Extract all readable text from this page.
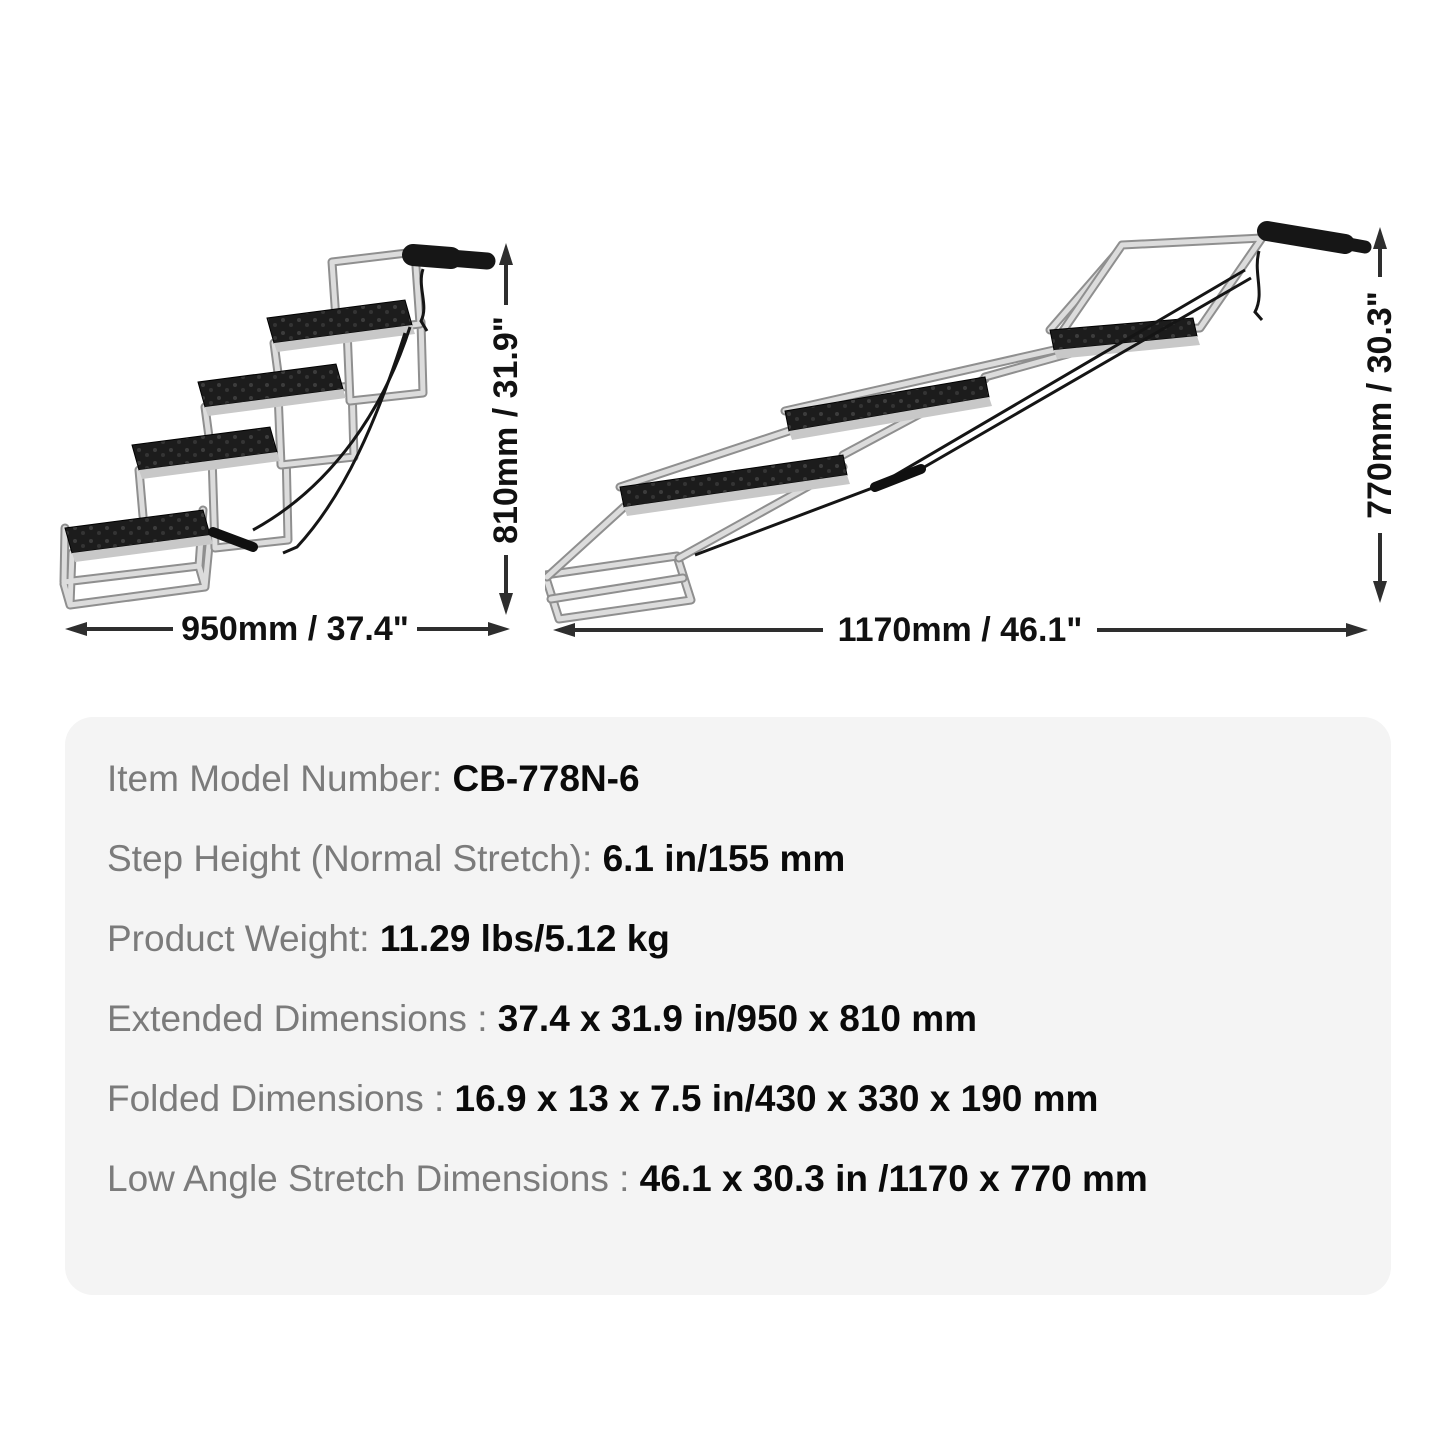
810mm / 31.9"
950mm / 37.4"
770mm / 30.3"
1170mm / 46.1"
Item Model Number: CB-778N-6
Step Height (Normal Stretch): 6.1 in/155 mm
Product Weight: 11.29 lbs/5.12 kg
Extended Dimensions : 37.4 x 31.9 in/950 x 810 mm
Folded Dimensions : 16.9 x 13 x 7.5 in/430 x 330 x 190 mm
Low Angle Stretch Dimensions : 46.1 x 30.3 in /1170 x 770 mm
